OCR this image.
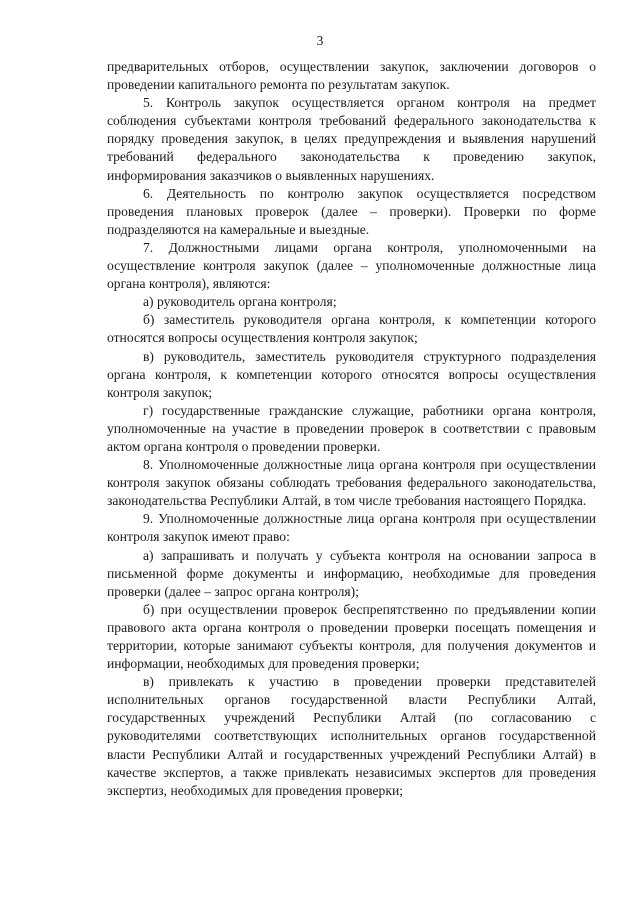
3

предварительных отборов, осуществлении закупок, заключении договоров о проведении капитального ремонта по результатам закупок.

5. Контроль закупок осуществляется органом контроля на предмет соблюдения субъектами контроля требований федерального законодательства к порядку проведения закупок, в целях предупреждения и выявления нарушений требований федерального законодательства к проведению закупок, информирования заказчиков о выявленных нарушениях.

6. Деятельность по контролю закупок осуществляется посредством проведения плановых проверок (далее – проверки). Проверки по форме подразделяются на камеральные и выездные.

7. Должностными лицами органа контроля, уполномоченными на осуществление контроля закупок (далее – уполномоченные должностные лица органа контроля), являются:

а) руководитель органа контроля;

б) заместитель руководителя органа контроля, к компетенции которого относятся вопросы осуществления контроля закупок;

в) руководитель, заместитель руководителя структурного подразделения органа контроля, к компетенции которого относятся вопросы осуществления контроля закупок;

г) государственные гражданские служащие, работники органа контроля, уполномоченные на участие в проведении проверок в соответствии с правовым актом органа контроля о проведении проверки.

8. Уполномоченные должностные лица органа контроля при осуществлении контроля закупок обязаны соблюдать требования федерального законодательства, законодательства Республики Алтай, в том числе требования настоящего Порядка.

9. Уполномоченные должностные лица органа контроля при осуществлении контроля закупок имеют право:

а) запрашивать и получать у субъекта контроля на основании запроса в письменной форме документы и информацию, необходимые для проведения проверки (далее – запрос органа контроля);

б) при осуществлении проверок беспрепятственно по предъявлении копии правового акта органа контроля о проведении проверки посещать помещения и территории, которые занимают субъекты контроля, для получения документов и информации, необходимых для проведения проверки;

в) привлекать к участию в проведении проверки представителей исполнительных органов государственной власти Республики Алтай, государственных учреждений Республики Алтай (по согласованию с руководителями соответствующих исполнительных органов государственной власти Республики Алтай и государственных учреждений Республики Алтай) в качестве экспертов, а также привлекать независимых экспертов для проведения экспертиз, необходимых для проведения проверки;
